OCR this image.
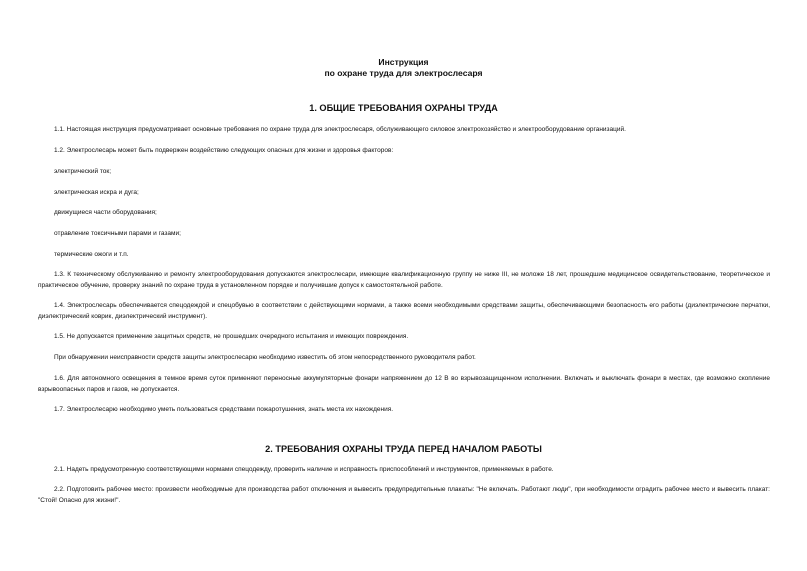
Инструкция
по охране труда для электрослесаря
1. ОБЩИЕ ТРЕБОВАНИЯ ОХРАНЫ ТРУДА
1.1. Настоящая инструкция предусматривает основные требования по охране труда для электрослесаря, обслуживающего силовое электрохозяйство и электрооборудование организаций.
1.2. Электрослесарь может быть подвержен воздействию следующих опасных для жизни и здоровья факторов:
электрический ток;
электрическая искра и дуга;
движущиеся части оборудования;
отравление токсичными парами и газами;
термические ожоги и т.п.
1.3. К техническому обслуживанию и ремонту электрооборудования допускаются электрослесари, имеющие квалификационную группу не ниже III, не моложе 18 лет, прошедшие медицинское освидетельствование, теоретическое и практическое обучение, проверку знаний по охране труда в установленном порядке и получившие допуск к самостоятельной работе.
1.4. Электрослесарь обеспечивается спецодеждой и спецобувью в соответствии с действующими нормами, а также всеми необходимыми средствами защиты, обеспечивающими безопасность его работы (диэлектрические перчатки, диэлектрический коврик, диэлектрический инструмент).
1.5. Не допускается применение защитных средств, не прошедших очередного испытания и имеющих повреждения.
При обнаружении неисправности средств защиты электрослесарю необходимо известить об этом непосредственного руководителя работ.
1.6. Для автономного освещения в темное время суток применяют переносные аккумуляторные фонари напряжением до 12 В во взрывозащищенном исполнении. Включать и выключать фонари в местах, где возможно скопление взрывоопасных паров и газов, не допускается.
1.7. Электрослесарю необходимо уметь пользоваться средствами пожаротушения, знать места их нахождения.
2. ТРЕБОВАНИЯ ОХРАНЫ ТРУДА ПЕРЕД НАЧАЛОМ РАБОТЫ
2.1. Надеть предусмотренную соответствующими нормами спецодежду, проверить наличие и исправность приспособлений и инструментов, применяемых в работе.
2.2. Подготовить рабочее место: произвести необходимые для производства работ отключения и вывесить предупредительные плакаты: "Не включать. Работают люди", при необходимости оградить рабочее место и вывесить плакат: "Стой! Опасно для жизни!".
